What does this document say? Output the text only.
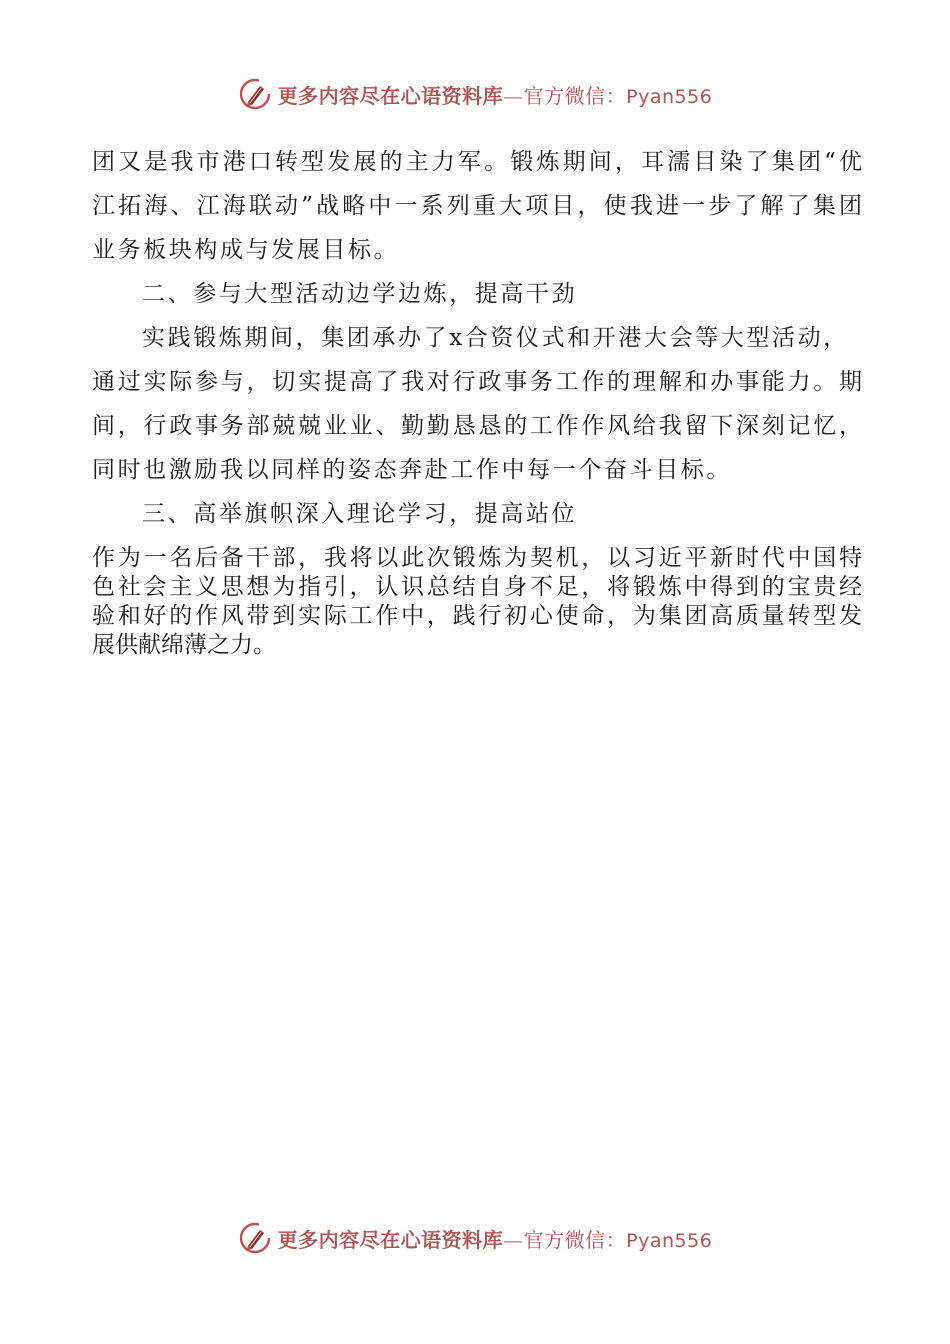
更多内容尽在心语资料库—官方微信：Pyan556
团又是我市港口转型发展的主力军。锻炼期间，耳濡目染了集团“优
江拓海、江海联动”战略中一系列重大项目，使我进一步了解了集团
业务板块构成与发展目标。
二、参与大型活动边学边炼，提高干劲
实践锻炼期间，集团承办了x合资仪式和开港大会等大型活动，
通过实际参与，切实提高了我对行政事务工作的理解和办事能力。期
间，行政事务部兢兢业业、勤勤恳恳的工作作风给我留下深刻记忆，
同时也激励我以同样的姿态奔赴工作中每一个奋斗目标。
三、高举旗帜深入理论学习，提高站位
作为一名后备干部，我将以此次锻炼为契机，以习近平新时代中国特
色社会主义思想为指引，认识总结自身不足，将锻炼中得到的宝贵经
验和好的作风带到实际工作中，践行初心使命，为集团高质量转型发
展供献绵薄之力。
更多内容尽在心语资料库—官方微信：Pyan556
